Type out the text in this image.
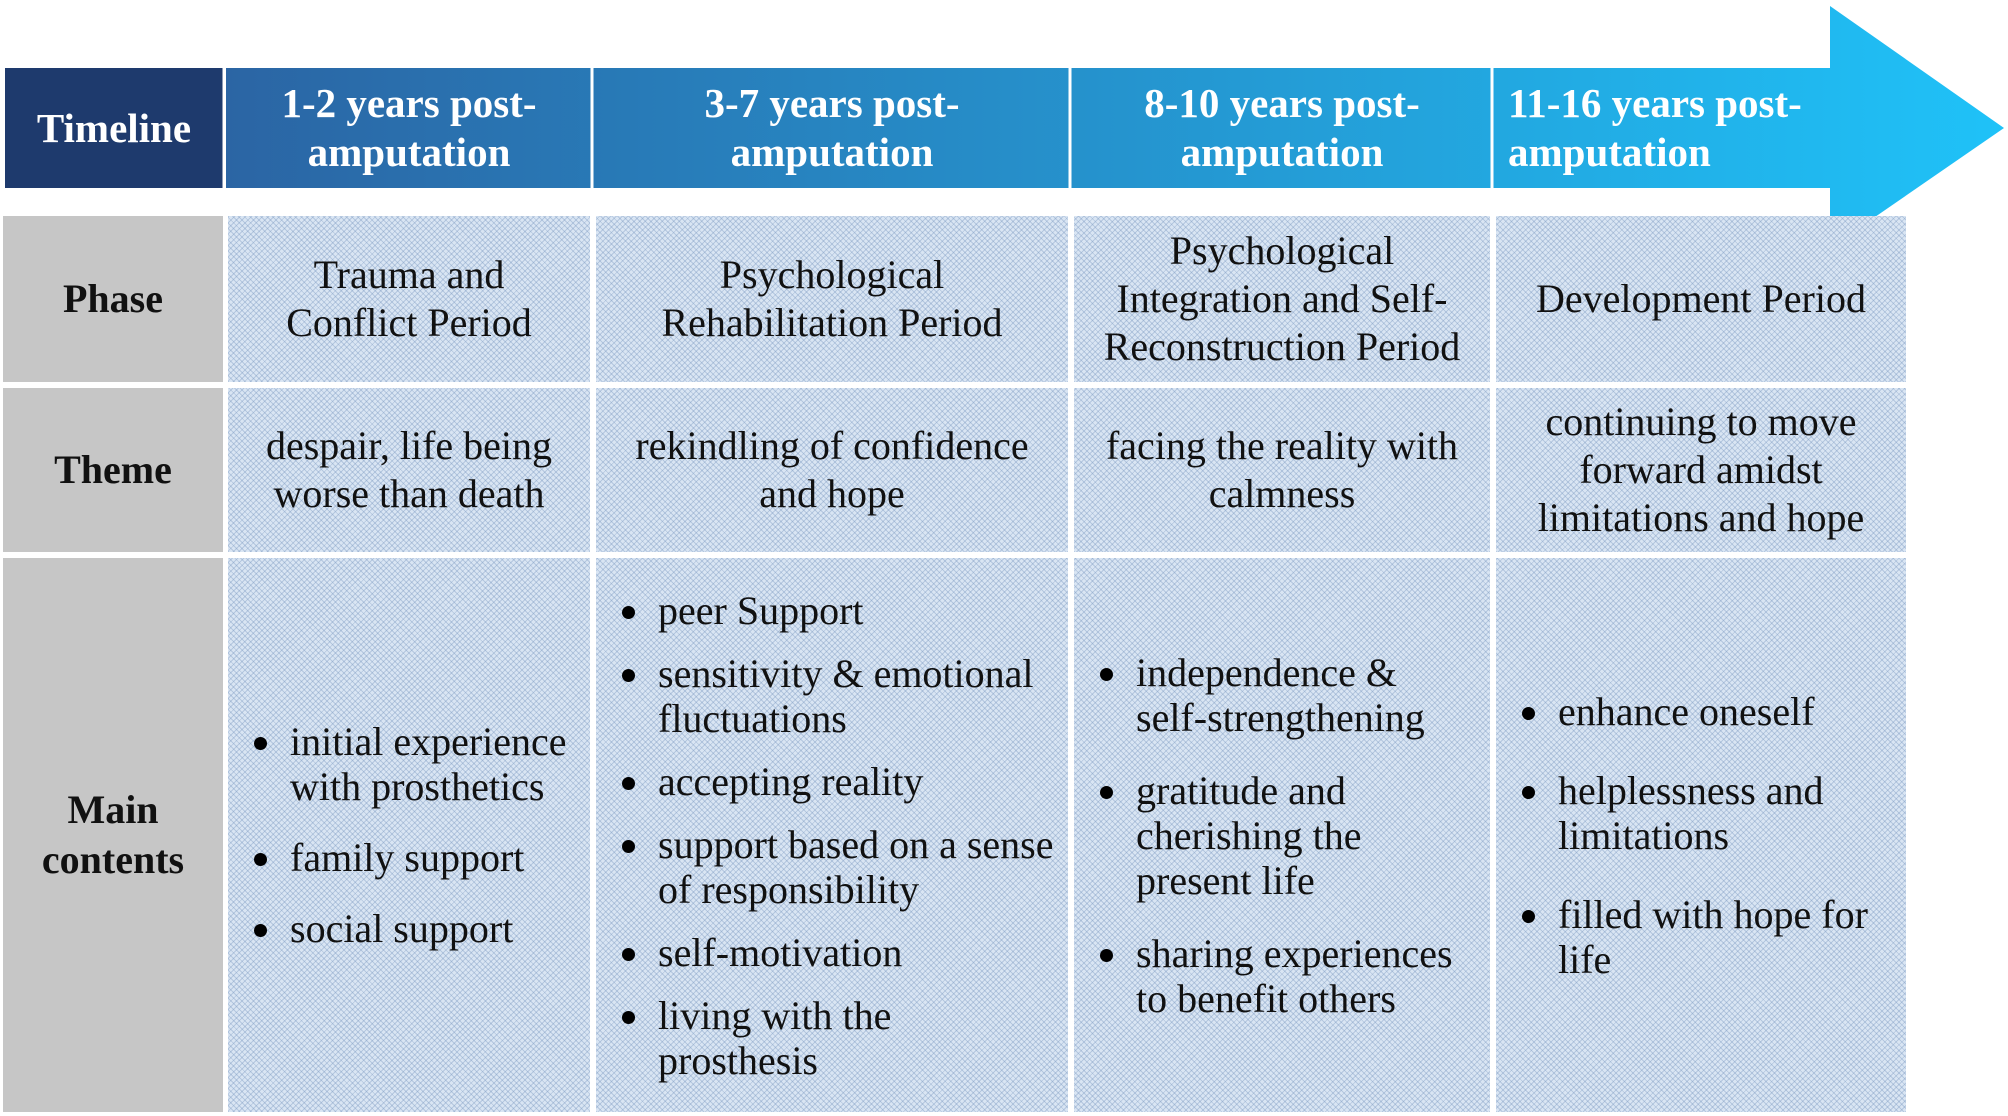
Timeline
1-2 years post-
amputation
3-7 years post-
amputation
8-10 years post-
amputation
11-16 years post-
amputation
Phase
Trauma and
Conflict Period
Psychological
Rehabilitation Period
Psychological
Integration and Self-
Reconstruction Period
Development Period
Theme
despair, life being
worse than death
rekindling of confidence
and hope
facing the reality with
calmness
continuing to move
forward amidst
limitations and hope
Main
contents
initial experience
with prosthetics
family support
social support
peer Support
sensitivity & emotional
fluctuations
accepting reality
support based on a sense
of responsibility
self-motivation
living with the prosthesis
independence &
self-strengthening
gratitude and
cherishing the
present life
sharing experiences
to benefit others
enhance oneself
helplessness and
limitations
filled with hope for
life
